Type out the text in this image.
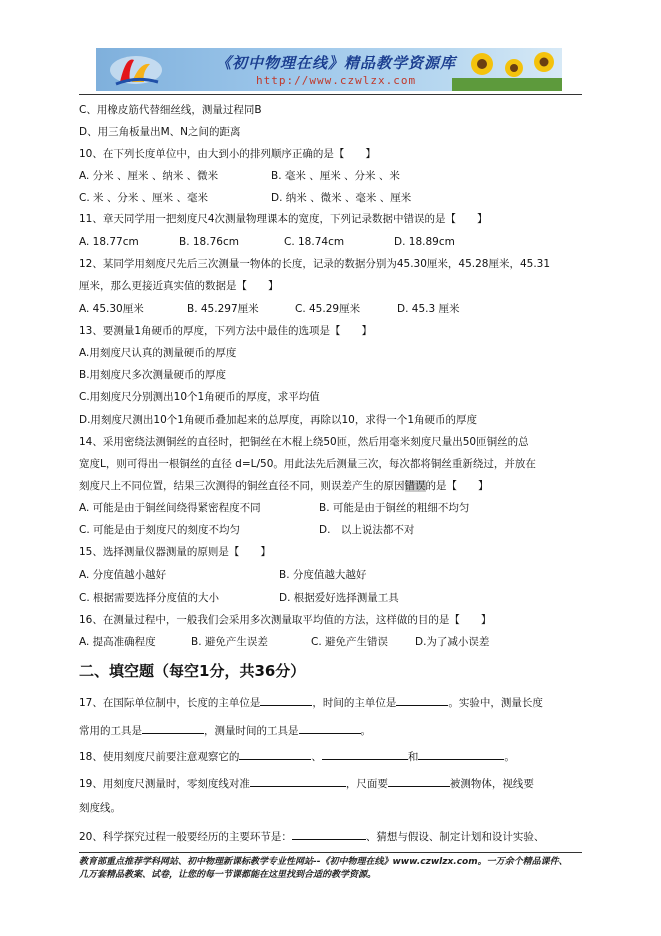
《初中物理在线》精品教学资源库
http://www.czwlzx.com
C、用橡皮筋代替细丝线，测量过程同B
D、用三角板量出M、N之间的距离
10、在下列长度单位中，由大到小的排列顺序正确的是【　　】
A. 分米 、厘米 、纳米 、微米	B. 毫米 、厘米 、分米 、米
C. 米 、分米 、厘米 、毫米	D. 纳米 、微米 、毫米 、厘米
11、章天同学用一把刻度尺4次测量物理课本的宽度，下列记录数据中错误的是【　　】
A. 18.77cm	B. 18.76cm	C. 18.74cm	D. 18.89cm
12、某同学用刻度尺先后三次测量一物体的长度，记录的数据分别为45.30厘米，45.28厘米，45.31
厘米，那么更接近真实值的数据是【　　】
A. 45.30厘米	B. 45.297厘米	C. 45.29厘米	D. 45.3 厘米
13、要测量1角硬币的厚度，下列方法中最佳的选项是【　　】
A.用刻度尺认真的测量硬币的厚度
B.用刻度尺多次测量硬币的厚度
C.用刻度尺分别测出10个1角硬币的厚度，求平均值
D.用刻度尺测出10个1角硬币叠加起来的总厚度，再除以10，求得一个1角硬币的厚度
14、采用密绕法测铜丝的直径时，把铜丝在木棍上绕50匝，然后用毫米刻度尺量出50匝铜丝的总
宽度L，则可得出一根铜丝的直径 d=L/50。用此法先后测量三次，每次都将铜丝重新绕过，并放在
刻度尺上不同位置，结果三次测得的铜丝直径不同，则误差产生的原因错误的是【　　】
A. 可能是由于铜丝间绕得紧密程度不同	B. 可能是由于铜丝的粗细不均匀
C. 可能是由于刻度尺的刻度不均匀	D.　以上说法都不对
15、选择测量仪器测量的原则是【　　】
A. 分度值越小越好	B. 分度值越大越好
C. 根据需要选择分度值的大小	D. 根据爱好选择测量工具
16、在测量过程中，一般我们会采用多次测量取平均值的方法，这样做的目的是【　　】
A. 提高准确程度	B. 避免产生误差	C. 避免产生错误	D.为了减小误差
二、填空题（每空1分，共36分）
17、在国际单位制中，长度的主单位是	，时间的主单位是	。实验中，测量长度
常用的工具是	，测量时间的工具是	。
18、使用刻度尺前要注意观察它的	、	和	。
19、用刻度尺测量时，零刻度线对准	，尺面要	被测物体，视线要
刻度线。
20、科学探究过程一般要经历的主要环节是：	、猜想与假设、制定计划和设计实验、
教育部重点推荐学科网站、初中物理新课标教学专业性网站--《初中物理在线》www.czwlzx.com。一万余个精品课件、
几万套精品教案、试卷，让您的每一节课都能在这里找到合适的教学资源。
